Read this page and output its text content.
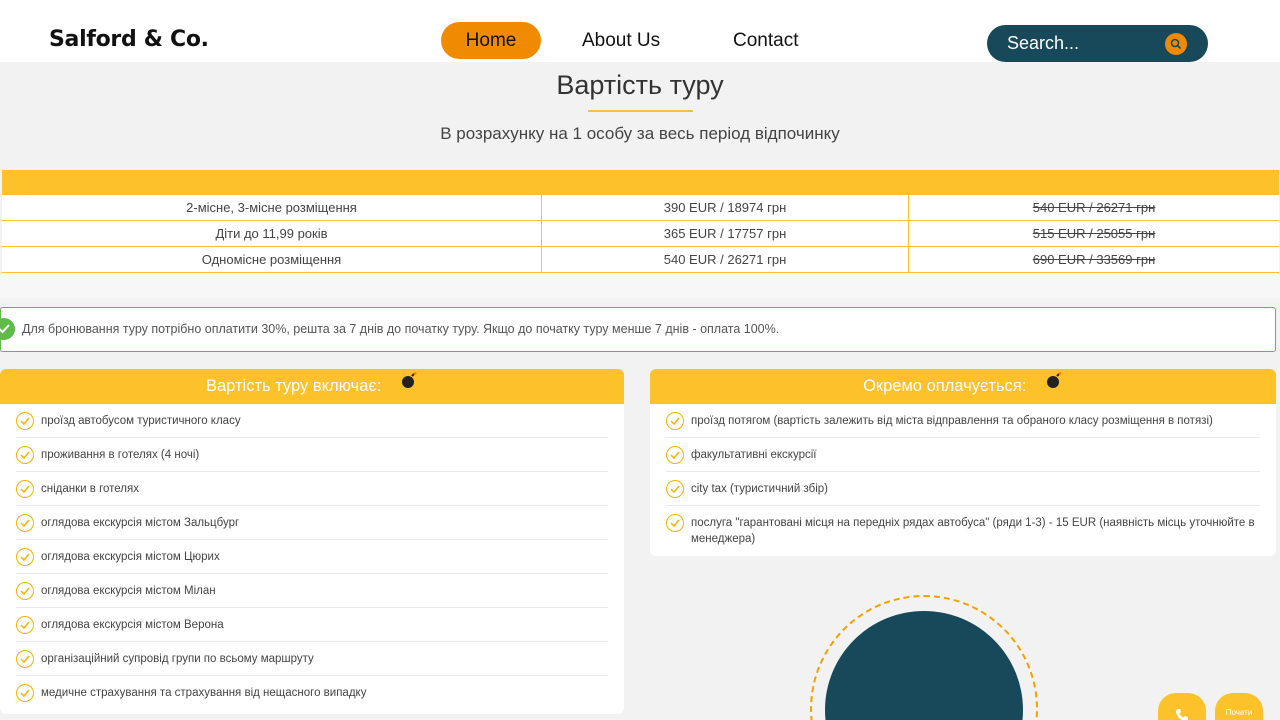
Salford & Co.	Home	About Us	Contact	Search...
Вартість туру
В розрахунку на 1 особу за весь період відпочинку
2-місне, 3-місне розміщення	390 EUR / 18974 грн	540 EUR / 26271 грн
Діти до 11,99 років	365 EUR / 17757 грн	515 EUR / 25055 грн
Одномісне розміщення	540 EUR / 26271 грн	690 EUR / 33569 грн
Для бронювання туру потрібно оплатити 30%, решта за 7 днів до початку туру. Якщо до початку туру менше 7 днів - оплата 100%.
Вартість туру включає:
проїзд автобусом туристичного класу
проживання в готелях (4 ночі)
сніданки в готелях
оглядова екскурсія містом Зальцбург
оглядова екскурсія містом Цюрих
оглядова екскурсія містом Мілан
оглядова екскурсія містом Верона
організаційний супровід групи по всьому маршруту
медичне страхування та страхування від нещасного випадку
Окремо оплачується:
проїзд потягом (вартість залежить від міста відправлення та обраного класу розміщення в потязі)
факультативні екскурсії
city tax (туристичний збір)
послуга "гарантовані місця на передніх рядах автобуса" (ряди 1-3) - 15 EUR (наявність місць уточнюйте в менеджера)
Почати
